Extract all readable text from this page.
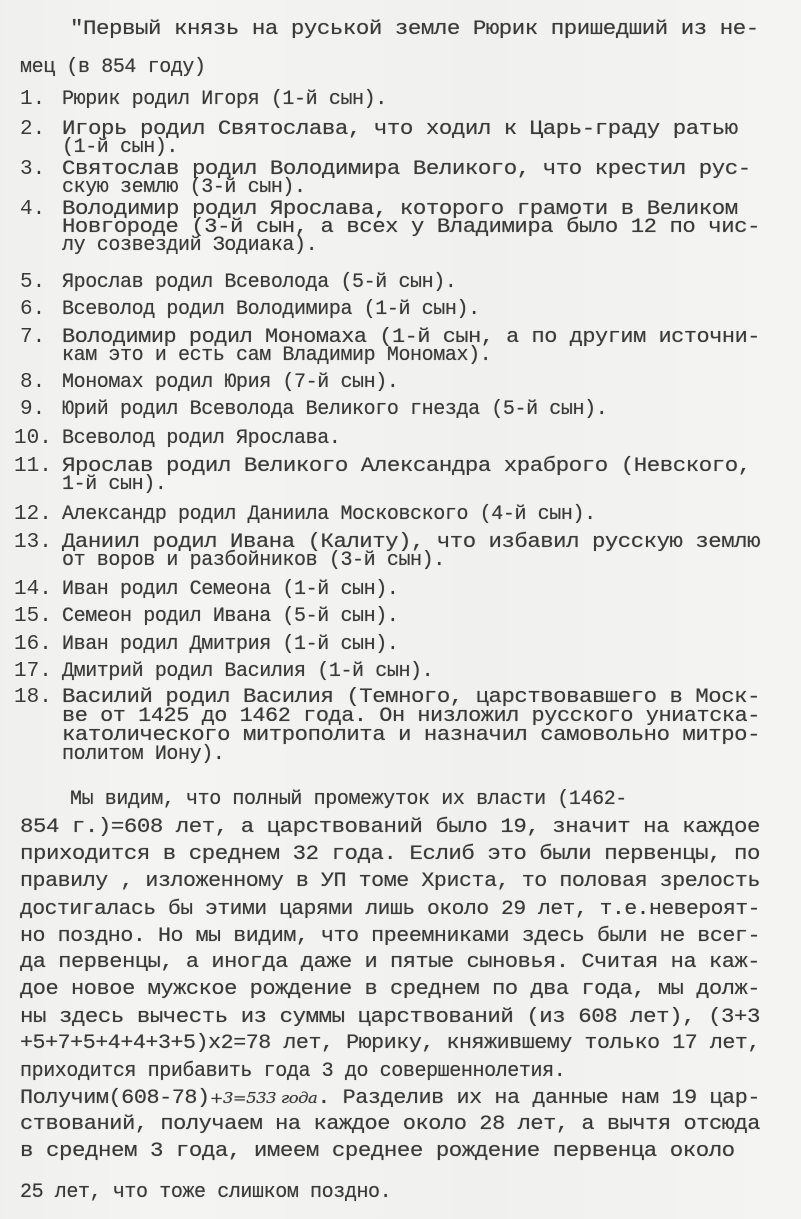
"Первый князь на руськой земле Рюрик пришедший из не-
мец (в 854 году)
1. Рюрик родил Игоря (1-й сын).
2. Игорь родил Святослава, что ходил к Царь-граду ратью
(1-й сын).
3. Святослав родил Володимира Великого, что крестил рус-
скую землю (3-й сын).
4. Володимир родил Ярослава, которого грамоти в Великом
Новгороде (3-й сын, а всех у Владимира было 12 по чис-
лу созвездий Зодиака).
5. Ярослав родил Всеволода (5-й сын).
6. Всеволод родил Володимира (1-й сын).
7. Володимир родил Мономаха (1-й сын, а по другим источни-
кам это и есть сам Владимир Мономах).
8. Мономах родил Юрия (7-й сын).
9. Юрий родил Всеволода Великого гнезда (5-й сын).
10. Всеволод родил Ярослава.
11. Ярослав родил Великого Александра храброго (Невского,
1-й сын).
12. Александр родил Даниила Московского (4-й сын).
13. Даниил родил Ивана (Калиту), что избавил русскую землю
от воров и разбойников (3-й сын).
14. Иван родил Семеона (1-й сын).
15. Семеон родил Ивана (5-й сын).
16. Иван родил Дмитрия (1-й сын).
17. Дмитрий родил Василия (1-й сын).
18. Василий родил Василия (Темного, царствовавшего в Моск-
ве от 1425 до 1462 года. Он низложил русского униатска-
католического митрополита и назначил самовольно митро-
политом Иону).
Мы видим, что полный промежуток их власти (1462-
854 г.)=608 лет, а царствований было 19, значит на каждое
приходится в среднем 32 года. Еслиб это были первенцы, по
правилу , изложенному в УП томе Христа, то половая зрелость
достигалась бы этими царями лишь около 29 лет, т.е.невероят-
но поздно. Но мы видим, что преемниками здесь были не всег-
да первенцы, а иногда даже и пятые сыновья. Считая на каж-
дое новое мужское рождение в среднем по два года, мы долж-
ны здесь вычесть из суммы царствований (из 608 лет), (3+3
+5+7+5+4+4+3+5)x2=78 лет, Рюрику, княжившему только 17 лет,
приходится прибавить года 3 до совершеннолетия.
Получим(608-78)+3=533 года. Разделив их на данные нам 19 цар-
ствований, получаем на каждое около 28 лет, а вычтя отсюда
в среднем 3 года, имеем среднее рождение первенца около
25 лет, что тоже слишком поздно.
